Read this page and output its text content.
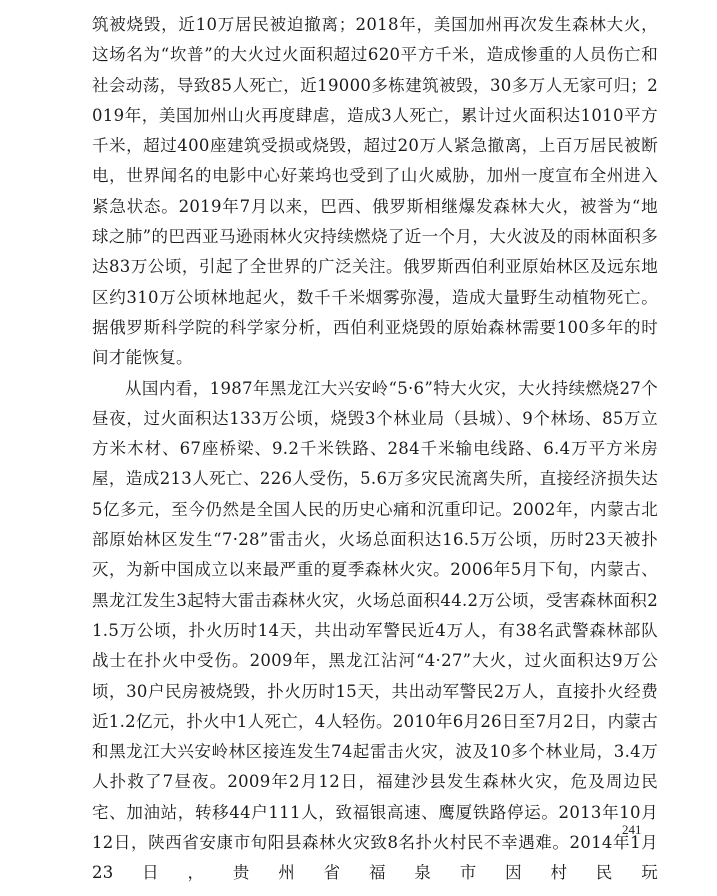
筑被烧毁，近10万居民被迫撤离；2018年，美国加州再次发生森林大火，这场名为“坎普”的大火过火面积超过620平方千米，造成惨重的人员伤亡和社会动荡，导致85人死亡，近19000多栋建筑被毁，30多万人无家可归；2019年，美国加州山火再度肆虐，造成3人死亡，累计过火面积达1010平方千米，超过400座建筑受损或烧毁，超过20万人紧急撤离，上百万居民被断电，世界闻名的电影中心好莱坞也受到了山火威胁，加州一度宣布全州进入紧急状态。2019年7月以来，巴西、俄罗斯相继爆发森林大火，被誉为“地球之肺”的巴西亚马逊雨林火灾持续燃烧了近一个月，大火波及的雨林面积多达83万公顷，引起了全世界的广泛关注。俄罗斯西伯利亚原始林区及远东地区约310万公顷林地起火，数千千米烟雾弥漫，造成大量野生动植物死亡。据俄罗斯科学院的科学家分析，西伯利亚烧毁的原始森林需要100多年的时间才能恢复。

从国内看，1987年黑龙江大兴安岭“5·6”特大火灾，大火持续燃烧27个昼夜，过火面积达133万公顷，烧毁3个林业局（县城）、9个林场、85万立方米木材、67座桥梁、9.2千米铁路、284千米输电线路、6.4万平方米房屋，造成213人死亡、226人受伤，5.6万多灾民流离失所，直接经济损失达5亿多元，至今仍然是全国人民的历史心痛和沉重印记。2002年，内蒙古北部原始林区发生“7·28”雷击火，火场总面积达16.5万公顷，历时23天被扑灭，为新中国成立以来最严重的夏季森林火灾。2006年5月下旬，内蒙古、黑龙江发生3起特大雷击森林火灾，火场总面积44.2万公顷，受害森林面积21.5万公顷，扑火历时14天，共出动军警民近4万人，有38名武警森林部队战士在扑火中受伤。2009年，黑龙江沾河“4·27”大火，过火面积达9万公顷，30户民房被烧毁，扑火历时15天，共出动军警民2万人，直接扑火经费近1.2亿元，扑火中1人死亡，4人轻伤。2010年6月26日至7月2日，内蒙古和黑龙江大兴安岭林区接连发生74起雷击火灾，波及10多个林业局，3.4万人扑救了7昼夜。2009年2月12日，福建沙县发生森林火灾，危及周边民宅、加油站，转移44户111人，致福银高速、鹰厦铁路停运。2013年10月12日，陕西省安康市旬阳县森林火灾致8名扑火村民不幸遇难。2014年1月23日，贵州省福泉市因村民玩

241
